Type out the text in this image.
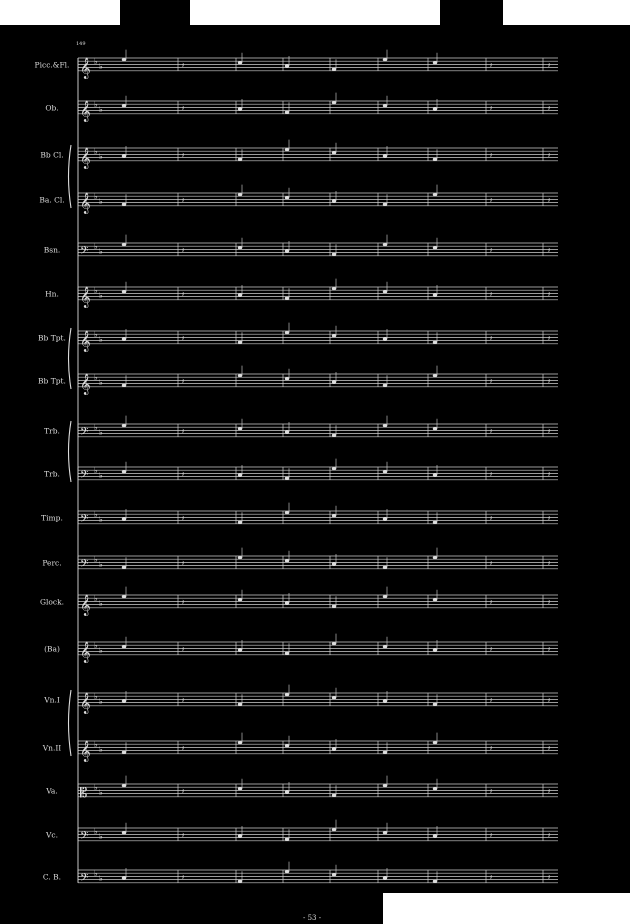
149
Picc.&Fl. 𝄞 ♭
♭	𝄽	𝄽	𝄽
Ob. 𝄞 ♭
♭	𝄽	𝄽	𝄽
Bb Cl. 𝄞 ♭
♭	𝄽	𝄽	𝄽
Ba. Cl. 𝄞 ♭
♭	𝄽	𝄽	𝄽
Bsn. 𝄢 ♭
♭	𝄽	𝄽	𝄽
Hn. 𝄞 ♭
♭	𝄽	𝄽	𝄽
Bb Tpt. 𝄞 ♭
♭	𝄽	𝄽	𝄽
Bb Tpt. 𝄞 ♭
♭	𝄽	𝄽	𝄽
Trb. 𝄢 ♭
♭	𝄽	𝄽	𝄽
Trb. 𝄢 ♭
♭	𝄽	𝄽	𝄽
Timp. 𝄢 ♭
♭	𝄽	𝄽	𝄽
Perc. 𝄢 ♭
♭	𝄽	𝄽	𝄽
Glock. 𝄞 ♭
♭	𝄽	𝄽	𝄽
(Ba) 𝄞 ♭
♭	𝄽	𝄽	𝄽
Vn.I 𝄞 ♭
♭	𝄽	𝄽	𝄽
Vn.II 𝄞 ♭
♭	𝄽	𝄽	𝄽
Va. 𝄡 ♭
♭	𝄽	𝄽	𝄽
Vc. 𝄢 ♭
♭	𝄽	𝄽	𝄽
C. B. 𝄢 ♭
♭	𝄽	𝄽	𝄽
- 53 -
